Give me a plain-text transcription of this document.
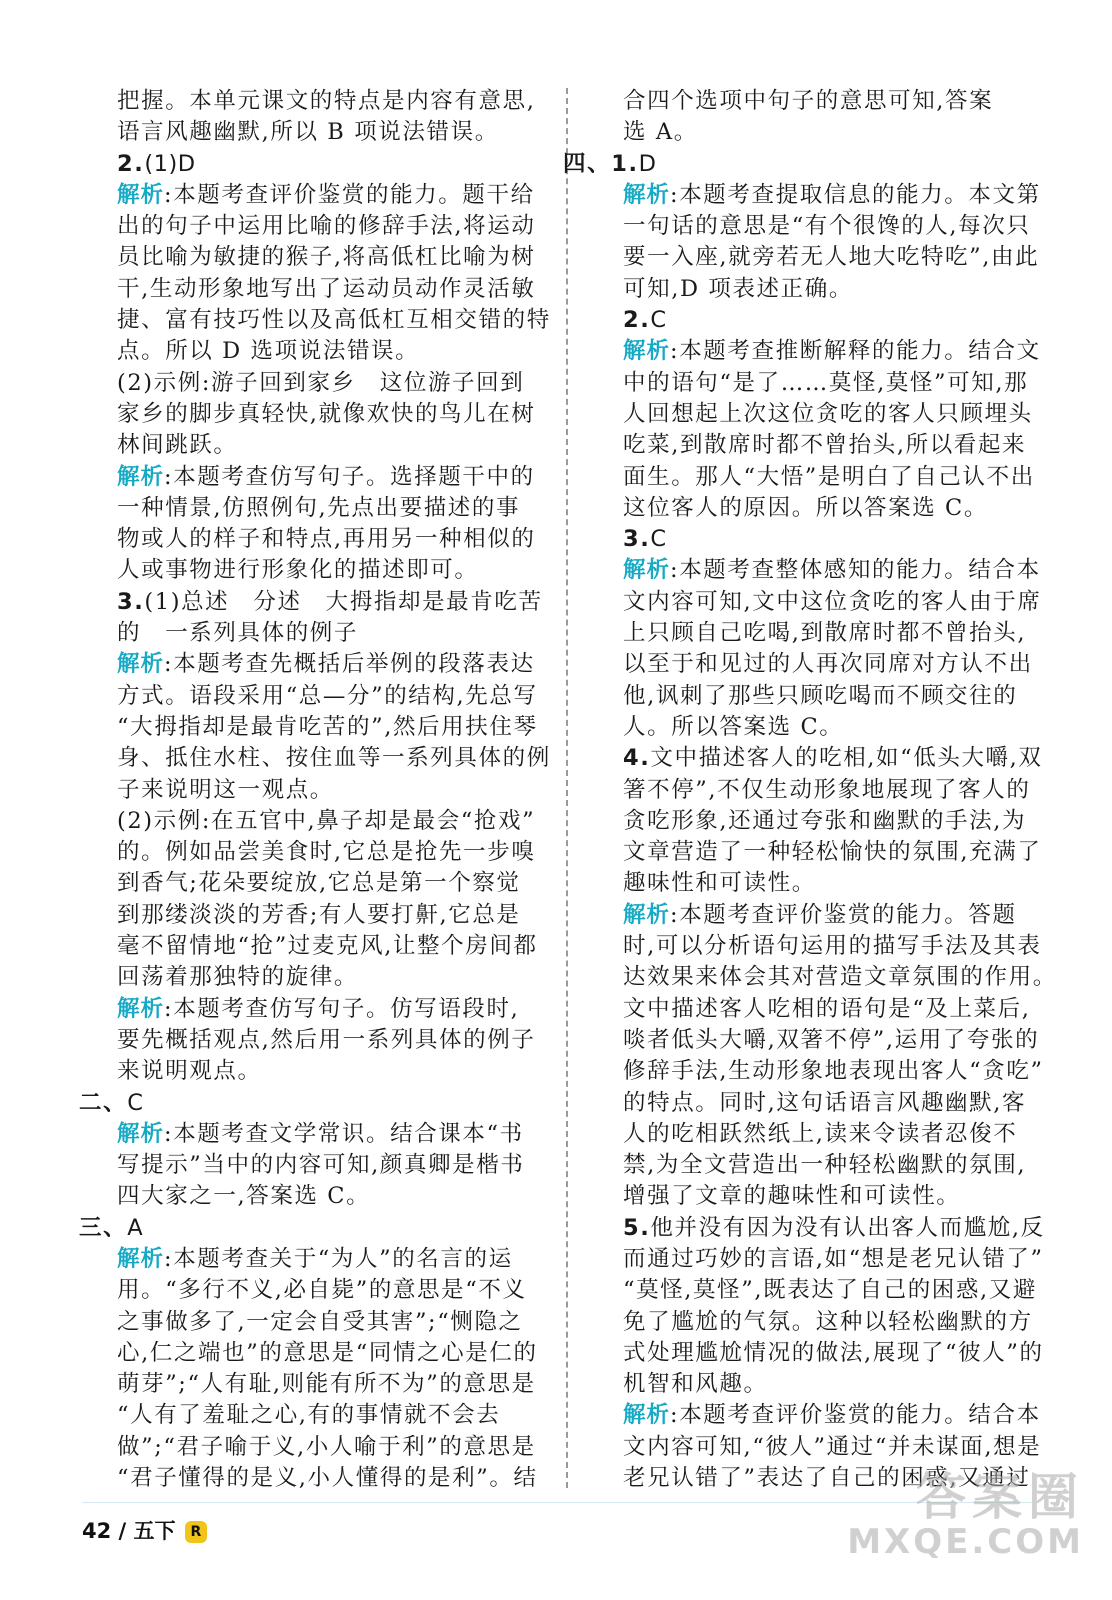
把握。本单元课文的特点是内容有意思,
语言风趣幽默,所以 B 项说法错误。
2.(1)D
解析:本题考查评价鉴赏的能力。题干给
出的句子中运用比喻的修辞手法,将运动
员比喻为敏捷的猴子,将高低杠比喻为树
干,生动形象地写出了运动员动作灵活敏
捷、富有技巧性以及高低杠互相交错的特
点。所以 D 选项说法错误。
(2)示例:游子回到家乡　这位游子回到
家乡的脚步真轻快,就像欢快的鸟儿在树
林间跳跃。
解析:本题考查仿写句子。选择题干中的
一种情景,仿照例句,先点出要描述的事
物或人的样子和特点,再用另一种相似的
人或事物进行形象化的描述即可。
3.(1)总述　分述　大拇指却是最肯吃苦
的　一系列具体的例子
解析:本题考查先概括后举例的段落表达
方式。语段采用“总—分”的结构,先总写
“大拇指却是最肯吃苦的”,然后用扶住琴
身、抵住水柱、按住血等一系列具体的例
子来说明这一观点。
(2)示例:在五官中,鼻子却是最会“抢戏”
的。例如品尝美食时,它总是抢先一步嗅
到香气;花朵要绽放,它总是第一个察觉
到那缕淡淡的芳香;有人要打鼾,它总是
毫不留情地“抢”过麦克风,让整个房间都
回荡着那独特的旋律。
解析:本题考查仿写句子。仿写语段时,
要先概括观点,然后用一系列具体的例子
来说明观点。
二、C
解析:本题考查文学常识。结合课本“书
写提示”当中的内容可知,颜真卿是楷书
四大家之一,答案选 C。
三、A
解析:本题考查关于“为人”的名言的运
用。“多行不义,必自毙”的意思是“不义
之事做多了,一定会自受其害”;“恻隐之
心,仁之端也”的意思是“同情之心是仁的
萌芽”;“人有耻,则能有所不为”的意思是
“人有了羞耻之心,有的事情就不会去
做”;“君子喻于义,小人喻于利”的意思是
“君子懂得的是义,小人懂得的是利”。结
合四个选项中句子的意思可知,答案
选 A。
四、1.D
解析:本题考查提取信息的能力。本文第
一句话的意思是“有个很馋的人,每次只
要一入座,就旁若无人地大吃特吃”,由此
可知,D 项表述正确。
2.C
解析:本题考查推断解释的能力。结合文
中的语句“是了……莫怪,莫怪”可知,那
人回想起上次这位贪吃的客人只顾埋头
吃菜,到散席时都不曾抬头,所以看起来
面生。那人“大悟”是明白了自己认不出
这位客人的原因。所以答案选 C。
3.C
解析:本题考查整体感知的能力。结合本
文内容可知,文中这位贪吃的客人由于席
上只顾自己吃喝,到散席时都不曾抬头,
以至于和见过的人再次同席对方认不出
他,讽刺了那些只顾吃喝而不顾交往的
人。所以答案选 C。
4.文中描述客人的吃相,如“低头大嚼,双
箸不停”,不仅生动形象地展现了客人的
贪吃形象,还通过夸张和幽默的手法,为
文章营造了一种轻松愉快的氛围,充满了
趣味性和可读性。
解析:本题考查评价鉴赏的能力。答题
时,可以分析语句运用的描写手法及其表
达效果来体会其对营造文章氛围的作用。
文中描述客人吃相的语句是“及上菜后,
啖者低头大嚼,双箸不停”,运用了夸张的
修辞手法,生动形象地表现出客人“贪吃”
的特点。同时,这句话语言风趣幽默,客
人的吃相跃然纸上,读来令读者忍俊不
禁,为全文营造出一种轻松幽默的氛围,
增强了文章的趣味性和可读性。
5.他并没有因为没有认出客人而尴尬,反
而通过巧妙的言语,如“想是老兄认错了”
“莫怪,莫怪”,既表达了自己的困惑,又避
免了尴尬的气氛。这种以轻松幽默的方
式处理尴尬情况的做法,展现了“彼人”的
机智和风趣。
解析:本题考查评价鉴赏的能力。结合本
文内容可知,“彼人”通过“并未谋面,想是
老兄认错了”表达了自己的困惑,又通过
42 / 五下 R
答案圈
MXQE.COM
